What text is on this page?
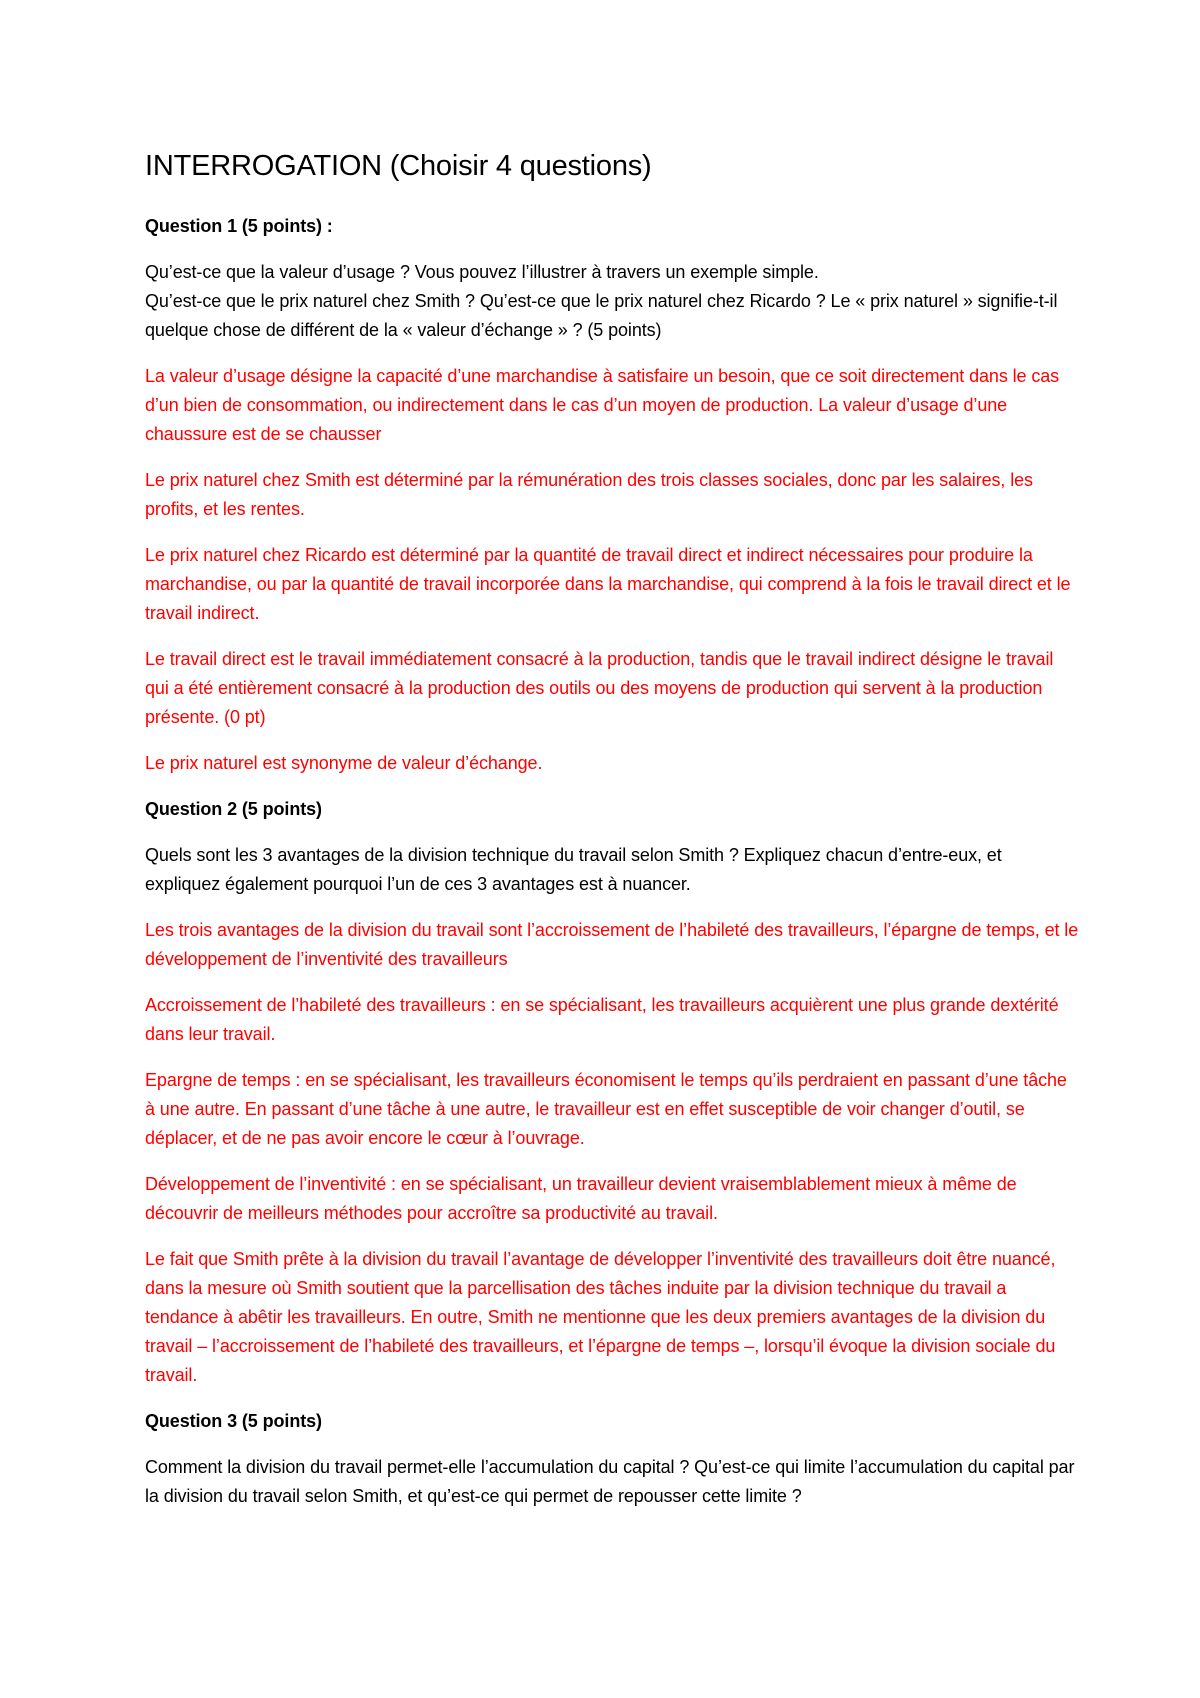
INTERROGATION (Choisir 4 questions)

Question 1 (5 points) :

Qu’est-ce que la valeur d’usage ? Vous pouvez l’illustrer à travers un exemple simple.
Qu’est-ce que le prix naturel chez Smith ? Qu’est-ce que le prix naturel chez Ricardo ? Le « prix naturel » signifie-t-il quelque chose de différent de la « valeur d’échange » ? (5 points)

La valeur d’usage désigne la capacité d’une marchandise à satisfaire un besoin, que ce soit directement dans le cas d’un bien de consommation, ou indirectement dans le cas d’un moyen de production. La valeur d’usage d’une chaussure est de se chausser

Le prix naturel chez Smith est déterminé par la rémunération des trois classes sociales, donc par les salaires, les profits, et les rentes.

Le prix naturel chez Ricardo est déterminé par la quantité de travail direct et indirect nécessaires pour produire la marchandise, ou par la quantité de travail incorporée dans la marchandise, qui comprend à la fois le travail direct et le travail indirect.

Le travail direct est le travail immédiatement consacré à la production, tandis que le travail indirect désigne le travail qui a été entièrement consacré à la production des outils ou des moyens de production qui servent à la production présente. (0 pt)

Le prix naturel est synonyme de valeur d’échange.

Question 2 (5 points)

Quels sont les 3 avantages de la division technique du travail selon Smith ? Expliquez chacun d’entre-eux, et expliquez également pourquoi l’un de ces 3 avantages est à nuancer.

Les trois avantages de la division du travail sont l’accroissement de l’habileté des travailleurs, l’épargne de temps, et le développement de l’inventivité des travailleurs

Accroissement de l’habileté des travailleurs : en se spécialisant, les travailleurs acquièrent une plus grande dextérité dans leur travail.

Epargne de temps : en se spécialisant, les travailleurs économisent le temps qu’ils perdraient en passant d’une tâche à une autre. En passant d’une tâche à une autre, le travailleur est en effet susceptible de voir changer d’outil, se déplacer, et de ne pas avoir encore le cœur à l’ouvrage.

Développement de l’inventivité : en se spécialisant, un travailleur devient vraisemblablement mieux à même de découvrir de meilleurs méthodes pour accroître sa productivité au travail.

Le fait que Smith prête à la division du travail l’avantage de développer l’inventivité des travailleurs doit être nuancé, dans la mesure où Smith soutient que la parcellisation des tâches induite par la division technique du travail a tendance à abêtir les travailleurs. En outre, Smith ne mentionne que les deux premiers avantages de la division du travail – l’accroissement de l’habileté des travailleurs, et l’épargne de temps –, lorsqu’il évoque la division sociale du travail.

Question 3 (5 points)

Comment la division du travail permet-elle l’accumulation du capital ? Qu’est-ce qui limite l’accumulation du capital par la division du travail selon Smith, et qu’est-ce qui permet de repousser cette limite ?
